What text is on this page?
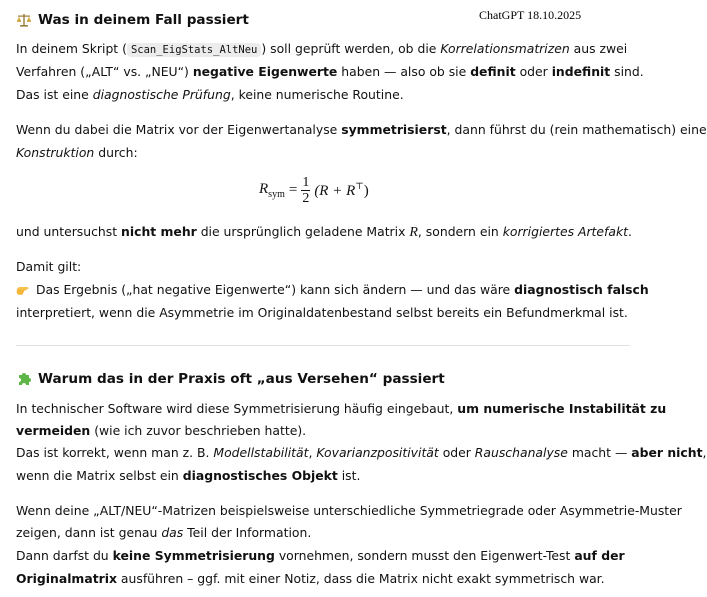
ChatGPT 18.10.2025
Was in deinem Fall passiert
In deinem Skript ( Scan_EigStats_AltNeu ) soll geprüft werden, ob die Korrelationsmatrizen aus zwei
Verfahren („ALT“ vs. „NEU“) negative Eigenwerte haben — also ob sie definit oder indefinit sind.
Das ist eine diagnostische Prüfung, keine numerische Routine.
Wenn du dabei die Matrix vor der Eigenwertanalyse symmetrisierst, dann führst du (rein mathematisch) eine
Konstruktion durch:
$R_{sym} = \frac{1}{2} (R + R^⊤)$
und untersuchst nicht mehr die ursprünglich geladene Matrix R, sondern ein korrigiertes Artefakt.
Damit gilt:
Das Ergebnis („hat negative Eigenwerte“) kann sich ändern — und das wäre diagnostisch falsch
interpretiert, wenn die Asymmetrie im Originaldatenbestand selbst bereits ein Befundmerkmal ist.
Warum das in der Praxis oft „aus Versehen“ passiert
In technischer Software wird diese Symmetrisierung häufig eingebaut, um numerische Instabilität zu
vermeiden (wie ich zuvor beschrieben hatte).
Das ist korrekt, wenn man z. B. Modellstabilität, Kovarianzpositivität oder Rauschanalyse macht — aber nicht,
wenn die Matrix selbst ein diagnostisches Objekt ist.
Wenn deine „ALT/NEU“-Matrizen beispielsweise unterschiedliche Symmetriegrade oder Asymmetrie-Muster
zeigen, dann ist genau das Teil der Information.
Dann darfst du keine Symmetrisierung vornehmen, sondern musst den Eigenwert-Test auf der
Originalmatrix ausführen – ggf. mit einer Notiz, dass die Matrix nicht exakt symmetrisch war.
